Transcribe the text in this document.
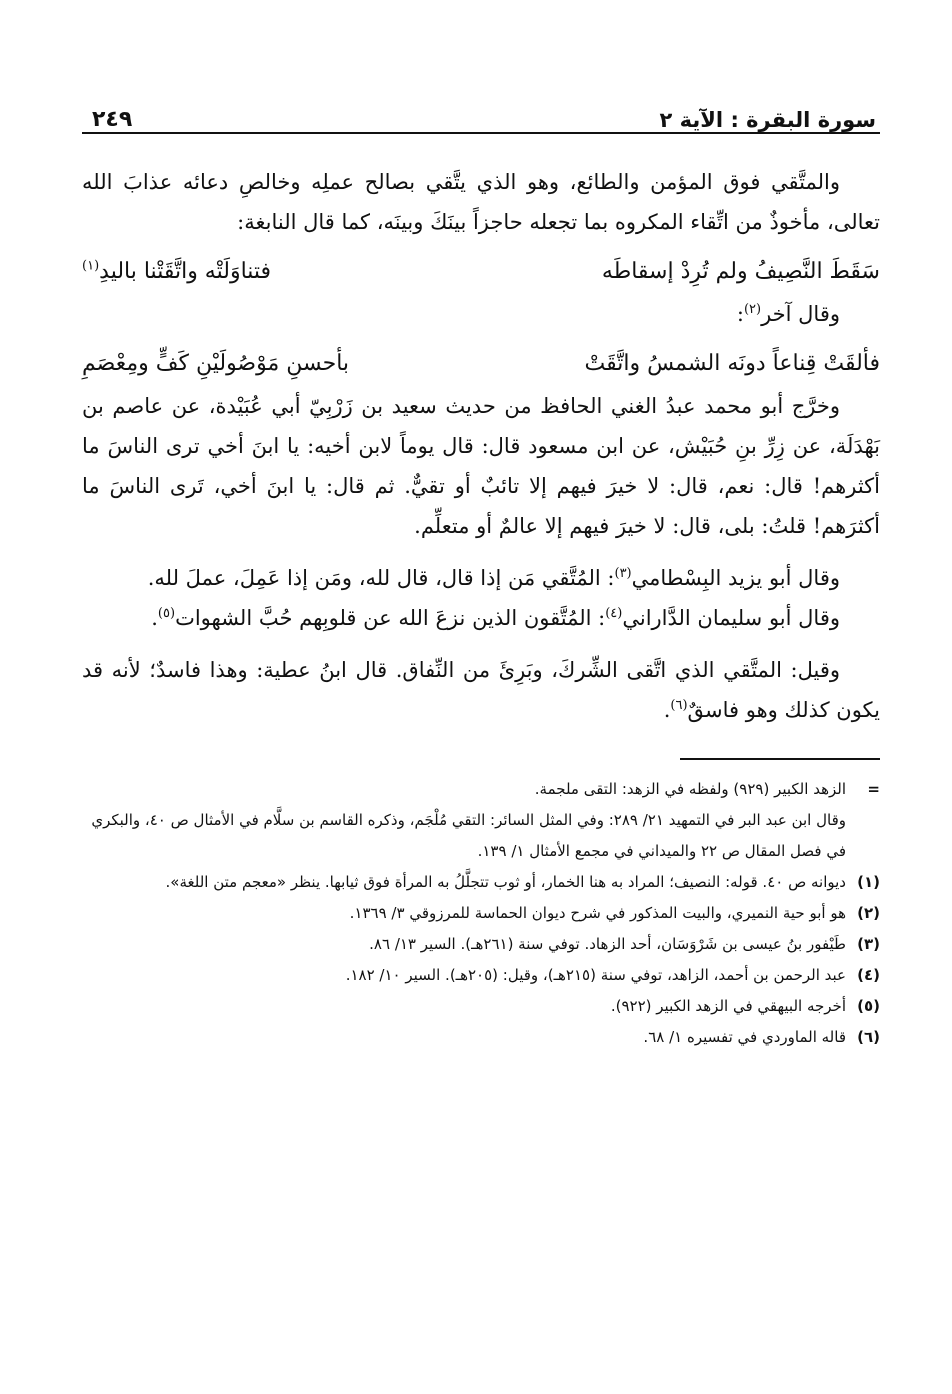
سورة البقرة : الآية ٢
٢٤٩

والمتَّقي فوق المؤمن والطائع، وهو الذي يتَّقي بصالح عملِه وخالصِ دعائه عذابَ الله تعالى، مأخوذٌ من اتِّقاء المكروه بما تجعله حاجزاً بينَكَ وبينَه، كما قال النابغة:

سَقَطَ النَّصِيفُ ولم تُرِدْ إسقاطَه
فتناوَلَتْه واتَّقَتْنا باليدِ$^{(١)}$

وقال آخر$^{(٢)}$:

فألقَتْ قِناعاً دونَه الشمسُ واتَّقَتْ
بأحسنِ مَوْصُولَيْنِ كَفٍّ ومِعْصَمِ

وخرَّج أبو محمد عبدُ الغني الحافظ من حديث سعيد بن زَرْبِيّ أبي عُبَيْدة، عن عاصم بن بَهْدَلَة، عن زِرِّ بنِ حُبَيْش، عن ابن مسعود قال: قال يوماً لابن أخيه: يا ابنَ أخي ترى الناسَ ما أكثرهم! قال: نعم، قال: لا خيرَ فيهم إلا تائبٌ أو تقيٌّ. ثم قال: يا ابنَ أخي، تَرى الناسَ ما أكثرَهم! قلتُ: بلى، قال: لا خيرَ فيهم إلا عالمٌ أو متعلِّم.

وقال أبو يزيد البِسْطامي$^{(٣)}$: المُتَّقي مَن إذا قال، قال لله، ومَن إذا عَمِلَ، عملَ لله.

وقال أبو سليمان الدَّاراني$^{(٤)}$: المُتَّقون الذين نزعَ الله عن قلوبِهم حُبَّ الشهوات$^{(٥)}$.

وقيل: المتَّقي الذي اتَّقى الشِّركَ، وبَرِئَ من النِّفاق. قال ابنُ عطية: وهذا فاسدٌ؛ لأنه قد يكون كذلك وهو فاسقٌ$^{(٦)}$.

=
الزهد الكبير (٩٢٩) ولفظه في الزهد: التقى ملجمة.
وقال ابن عبد البر في التمهيد ٢١/ ٢٨٩: وفي المثل السائر: التقي مُلْجَم، وذكره القاسم بن سلَّام في الأمثال ص ٤٠، والبكري في فصل المقال ص ٢٢ والميداني في مجمع الأمثال ١/ ١٣٩.
(١)
ديوانه ص ٤٠. قوله: النصيف؛ المراد به هنا الخمار، أو ثوب تتجلَّلُ به المرأة فوق ثيابها. ينظر «معجم متن اللغة».
(٢)
هو أبو حية النميري، والبيت المذكور في شرح ديوان الحماسة للمرزوقي ٣/ ١٣٦٩.
(٣)
طَيْفور بنُ عيسى بن شَرْوَسَان، أحد الزهاد. توفي سنة (٢٦١هـ). السير ١٣/ ٨٦.
(٤)
عبد الرحمن بن أحمد، الزاهد، توفي سنة (٢١٥هـ)، وقيل: (٢٠٥هـ). السير ١٠/ ١٨٢.
(٥)
أخرجه البيهقي في الزهد الكبير (٩٢٢).
(٦)
قاله الماوردي في تفسيره ١/ ٦٨.
